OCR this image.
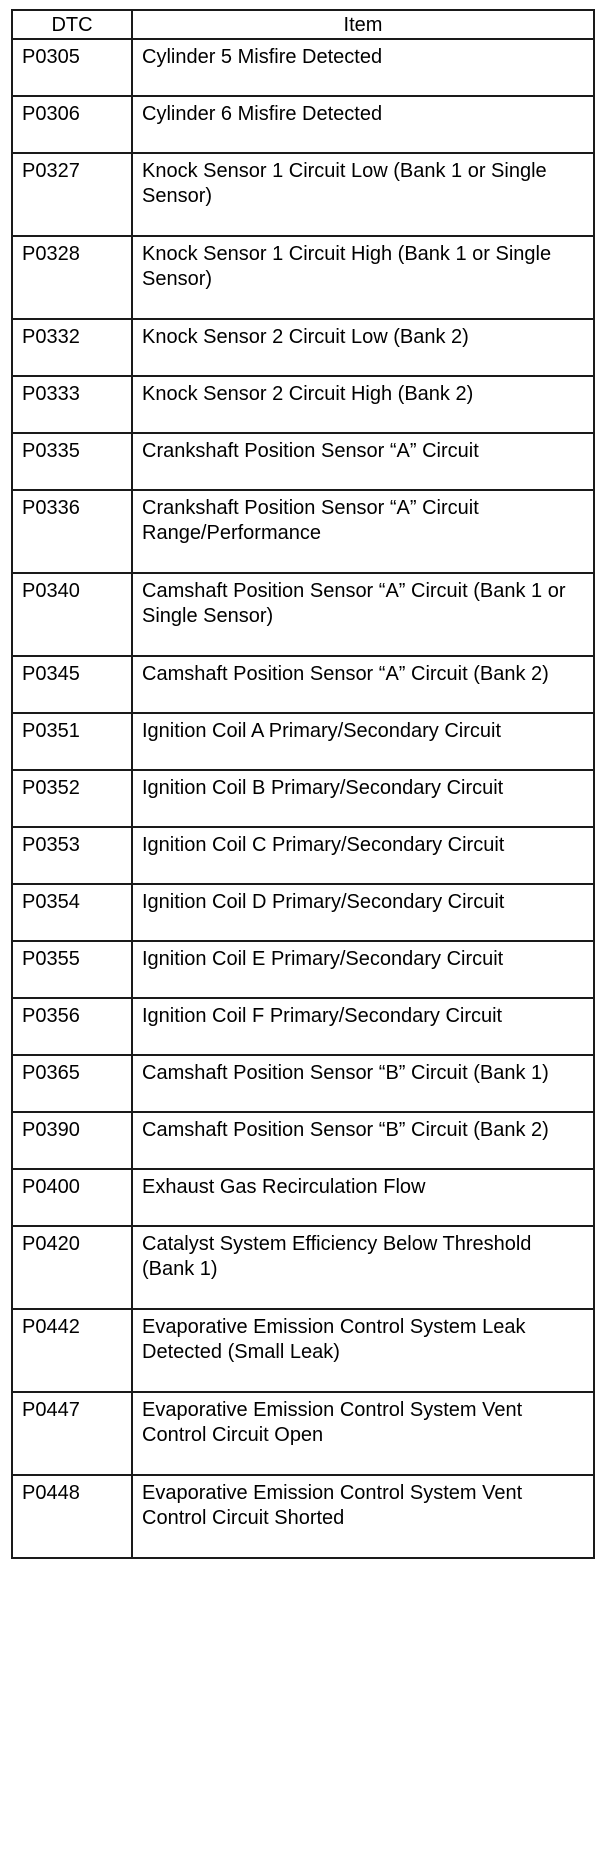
DTC	Item
P0305	Cylinder 5 Misfire Detected
P0306	Cylinder 6 Misfire Detected
P0327	Knock Sensor 1 Circuit Low (Bank 1 or Single Sensor)
P0328	Knock Sensor 1 Circuit High (Bank 1 or Single Sensor)
P0332	Knock Sensor 2 Circuit Low (Bank 2)
P0333	Knock Sensor 2 Circuit High (Bank 2)
P0335	Crankshaft Position Sensor “A” Circuit
P0336	Crankshaft Position Sensor “A” Circuit Range/Performance
P0340	Camshaft Position Sensor “A” Circuit (Bank 1 or Single Sensor)
P0345	Camshaft Position Sensor “A” Circuit (Bank 2)
P0351	Ignition Coil A Primary/Secondary Circuit
P0352	Ignition Coil B Primary/Secondary Circuit
P0353	Ignition Coil C Primary/Secondary Circuit
P0354	Ignition Coil D Primary/Secondary Circuit
P0355	Ignition Coil E Primary/Secondary Circuit
P0356	Ignition Coil F Primary/Secondary Circuit
P0365	Camshaft Position Sensor “B” Circuit (Bank 1)
P0390	Camshaft Position Sensor “B” Circuit (Bank 2)
P0400	Exhaust Gas Recirculation Flow
P0420	Catalyst System Efficiency Below Threshold (Bank 1)
P0442	Evaporative Emission Control System Leak Detected (Small Leak)
P0447	Evaporative Emission Control System Vent Control Circuit Open
P0448	Evaporative Emission Control System Vent Control Circuit Shorted
